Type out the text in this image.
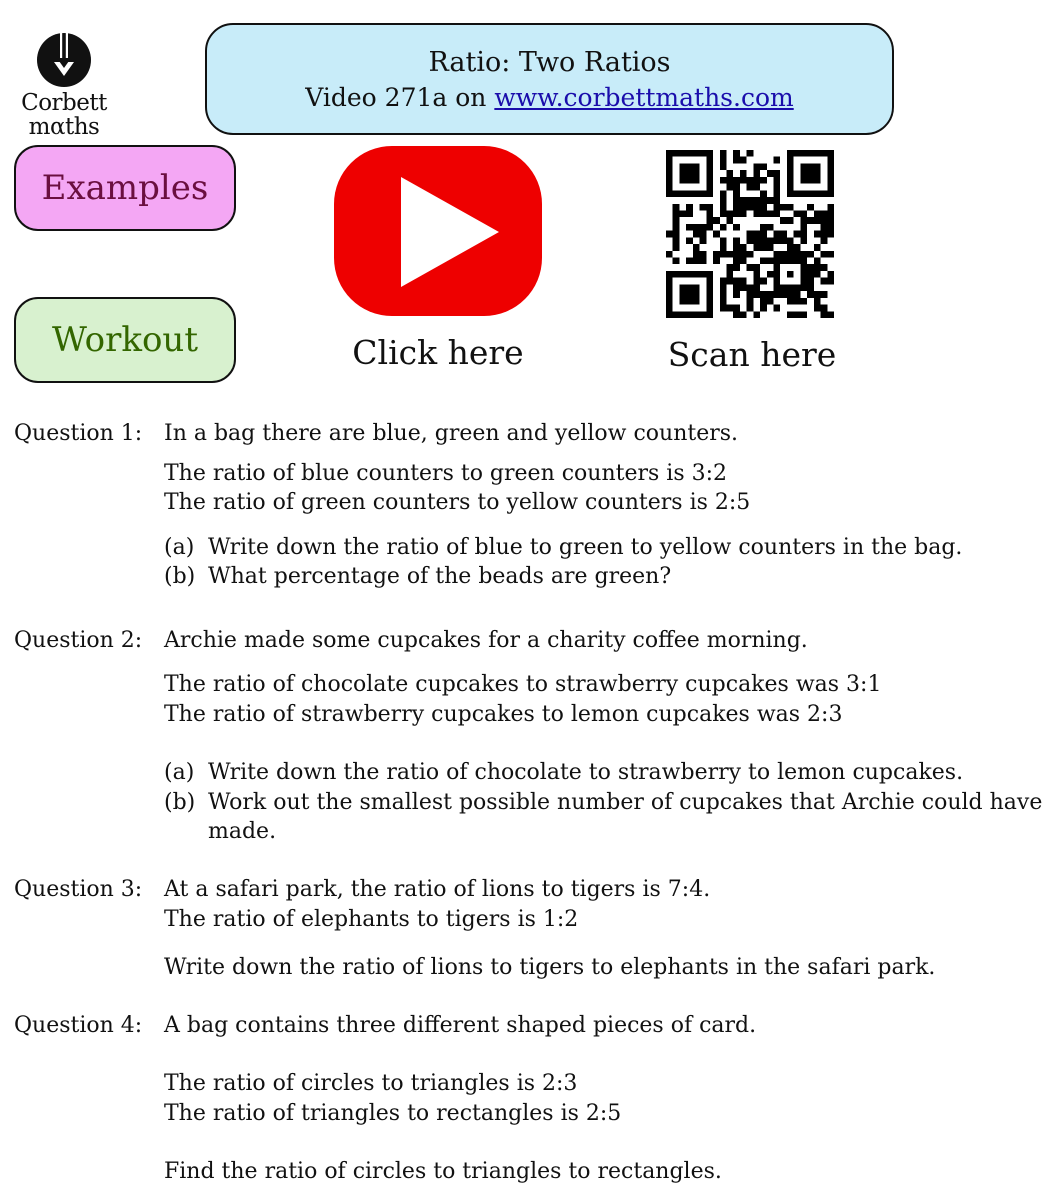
Corbett
mαths
Ratio: Two Ratios
Video 271a on www.corbettmaths.com
Examples
Workout	Click here	Scan here
Question 1: In a bag there are blue, green and yellow counters.
The ratio of blue counters to green counters is 3:2
The ratio of green counters to yellow counters is 2:5
(a) Write down the ratio of blue to green to yellow counters in the bag.
(b) What percentage of the beads are green?
Question 2: Archie made some cupcakes for a charity coffee morning.
The ratio of chocolate cupcakes to strawberry cupcakes was 3:1
The ratio of strawberry cupcakes to lemon cupcakes was 2:3
(a) Write down the ratio of chocolate to strawberry to lemon cupcakes.
(b) Work out the smallest possible number of cupcakes that Archie could have
made.
Question 3: At a safari park, the ratio of lions to tigers is 7:4.
The ratio of elephants to tigers is 1:2
Write down the ratio of lions to tigers to elephants in the safari park.
Question 4: A bag contains three different shaped pieces of card.
The ratio of circles to triangles is 2:3
The ratio of triangles to rectangles is 2:5
Find the ratio of circles to triangles to rectangles.
